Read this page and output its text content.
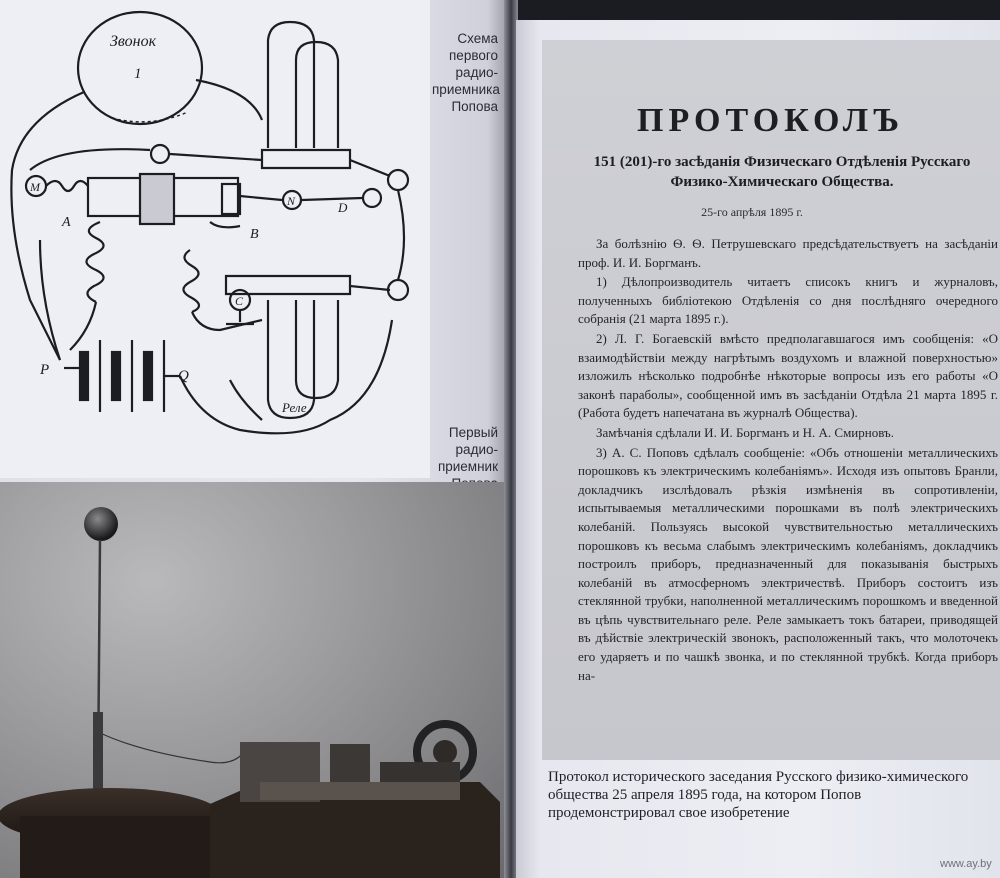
Звонок
1
M
A
N	D
B
C
P	Q
Реле
Схема первого радио-приемника Попова
Первый радио-приемник
ПРОТОКОЛЪ
151 (201)-го засѣданія Физическаго Отдѣленія Русскаго Физико-Химическаго Общества.
25-го апрѣля 1895 г.

За болѣзнію Ѳ. Ѳ. Петрушевскаго предсѣдательствуетъ на засѣданіи проф. И. И. Боргманъ.

1) Дѣлопроизводитель читаетъ списокъ книгъ и журналовъ, полученныхъ библіотекою Отдѣленія со дня послѣдняго очередного собранія (21 марта 1895 г.).

2) Л. Г. Богаевскій вмѣсто предполагавшагося имъ сообщенія: «О взаимодѣйствіи между нагрѣтымъ воздухомъ и влажной поверхностью» изложилъ нѣсколько подробнѣе нѣкоторые вопросы изъ его работы «О законѣ параболы», сообщенной имъ въ засѣданіи Отдѣла 21 марта 1895 г. (Работа будетъ напечатана въ журналѣ Общества).

Замѣчанія сдѣлали И. И. Боргманъ и Н. А. Смирновъ.

3) А. С. Поповъ сдѣлалъ сообщеніе: «Объ отношеніи металлическихъ порошковъ къ электрическимъ колебаніямъ». Исходя изъ опытовъ Бранли, докладчикъ изслѣдовалъ рѣзкія измѣненія въ сопротивленіи, испытываемыя металлическими порошками въ полѣ электрическихъ колебаній. Пользуясь высокой чувствительностью металлическихъ порошковъ къ весьма слабымъ электрическимъ колебаніямъ, докладчикъ построилъ приборъ, предназначенный для показыванія быстрыхъ колебаній въ атмосферномъ электричествѣ. Приборъ состоитъ изъ стеклянной трубки, наполненной металлическимъ порошкомъ и введенной въ цѣпь чувствительнаго реле. Реле замыкаетъ токъ батареи, приводящей въ дѣйствіе электрическій звонокъ, расположенный такъ, что молоточекъ его ударяетъ и по чашкѣ звонка, и по стеклянной трубкѣ. Когда приборъ на-

Протокол исторического заседания Русского физико-химического общества 25 апреля 1895 года, на котором Попов продемонстрировал свое изобретение
www.ay.by
